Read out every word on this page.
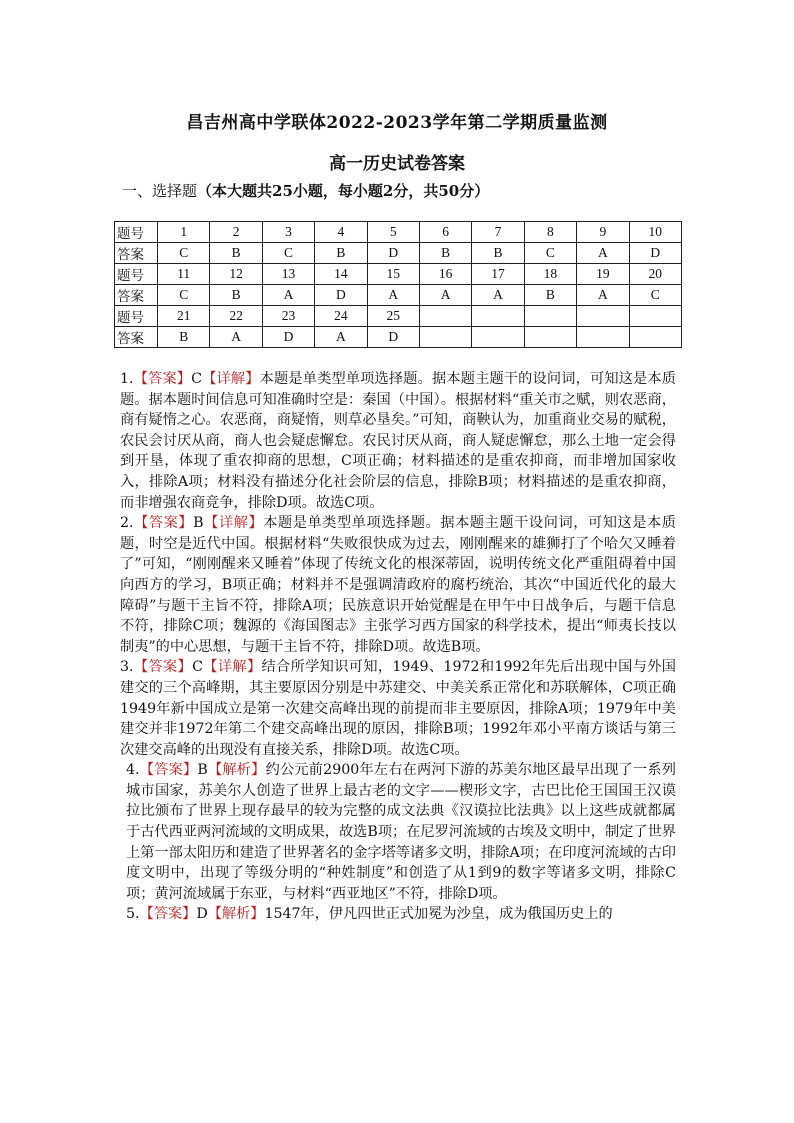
昌吉州高中学联体2022-2023学年第二学期质量监测
高一历史试卷答案
一、选择题（本大题共25小题，每小题2分，共50分）
题号	1	2	3	4	5	6	7	8	9	10
答案	C	B	C	B	D	B	B	C	A	D
题号	11	12	13	14	15	16	17	18	19	20
答案	C	B	A	D	A	A	A	B	A	C
题号	21	22	23	24	25					
答案	B	A	D	A	D					

1.【答案】C【详解】本题是单类型单项选择题。据本题主题干的设问词，可知这是本质题。据本题时间信息可知准确时空是：秦国（中国）。根据材料“重关市之赋，则农恶商，商有疑惰之心。农恶商，商疑惰，则草必垦矣。”可知，商鞅认为，加重商业交易的赋税，农民会讨厌从商，商人也会疑虑懈怠。农民讨厌从商，商人疑虑懈怠，那么土地一定会得到开垦，体现了重农抑商的思想，C项正确；材料描述的是重农抑商，而非增加国家收入，排除A项；材料没有描述分化社会阶层的信息，排除B项；材料描述的是重农抑商，而非增强农商竞争，排除D项。故选C项。

2.【答案】B【详解】本题是单类型单项选择题。据本题主题干设问词，可知这是本质题，时空是近代中国。根据材料“失败很快成为过去，刚刚醒来的雄狮打了个哈欠又睡着了”可知，“刚刚醒来又睡着”体现了传统文化的根深蒂固，说明传统文化严重阻碍着中国向西方的学习，B项正确；材料并不是强调清政府的腐朽统治，其次“中国近代化的最大障碍”与题干主旨不符，排除A项；民族意识开始觉醒是在甲午中日战争后，与题干信息不符，排除C项；魏源的《海国图志》主张学习西方国家的科学技术，提出“师夷长技以制夷”的中心思想，与题干主旨不符，排除D项。故选B项。

3.【答案】C【详解】结合所学知识可知，1949、1972和1992年先后出现中国与外国建交的三个高峰期，其主要原因分别是中苏建交、中美关系正常化和苏联解体，C项正确 1949年新中国成立是第一次建交高峰出现的前提而非主要原因，排除A项；1979年中美建交并非1972年第二个建交高峰出现的原因，排除B项；1992年邓小平南方谈话与第三次建交高峰的出现没有直接关系，排除D项。故选C项。

4.【答案】B【解析】约公元前2900年左右在两河下游的苏美尔地区最早出现了一系列城市国家，苏美尔人创造了世界上最古老的文字——楔形文字，古巴比伦王国国王汉谟拉比颁布了世界上现存最早的较为完整的成文法典《汉谟拉比法典》以上这些成就都属于古代西亚两河流域的文明成果，故选B项；在尼罗河流域的古埃及文明中，制定了世界上第一部太阳历和建造了世界著名的金字塔等诸多文明，排除A项；在印度河流域的古印度文明中，出现了等级分明的“种姓制度”和创造了从1到9的数字等诸多文明，排除C项；黄河流域属于东亚，与材料“西亚地区”不符，排除D项。

5.【答案】D【解析】1547年，伊凡四世正式加冕为沙皇，成为俄国历史上的
